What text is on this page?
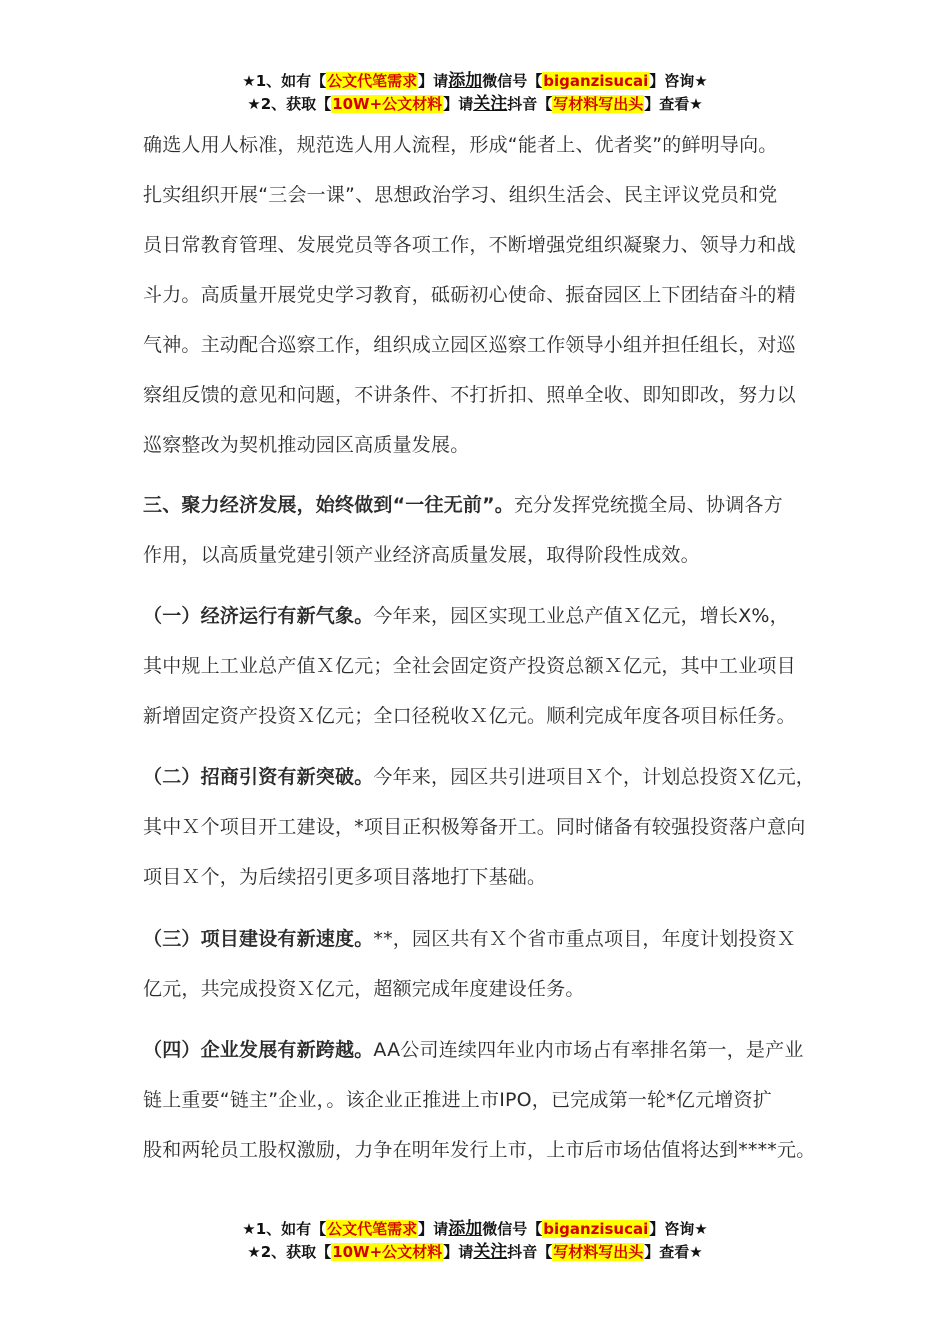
★1、如有【公文代笔需求】请添加微信号【biganzisucai】咨询★
★2、获取【10W+公文材料】请关注抖音【写材料写出头】查看★
确选人用人标准，规范选人用人流程，形成“能者上、优者奖”的鲜明导向。
扎实组织开展“三会一课”、思想政治学习、组织生活会、民主评议党员和党
员日常教育管理、发展党员等各项工作，不断增强党组织凝聚力、领导力和战
斗力。高质量开展党史学习教育，砥砺初心使命、振奋园区上下团结奋斗的精
气神。主动配合巡察工作，组织成立园区巡察工作领导小组并担任组长，对巡
察组反馈的意见和问题，不讲条件、不打折扣、照单全收、即知即改，努力以
巡察整改为契机推动园区高质量发展。
三、聚力经济发展，始终做到“一往无前”。充分发挥党统揽全局、协调各方
作用，以高质量党建引领产业经济高质量发展，取得阶段性成效。
（一）经济运行有新气象。今年来，园区实现工业总产值Ｘ亿元，增长X%，
其中规上工业总产值Ｘ亿元；全社会固定资产投资总额Ｘ亿元，其中工业项目
新增固定资产投资Ｘ亿元；全口径税收Ｘ亿元。顺利完成年度各项目标任务。
（二）招商引资有新突破。今年来，园区共引进项目Ｘ个，计划总投资Ｘ亿元，
其中Ｘ个项目开工建设，*项目正积极筹备开工。同时储备有较强投资落户意向
项目Ｘ个，为后续招引更多项目落地打下基础。
（三）项目建设有新速度。**，园区共有Ｘ个省市重点项目，年度计划投资Ｘ
亿元，共完成投资Ｘ亿元，超额完成年度建设任务。
（四）企业发展有新跨越。AA公司连续四年业内市场占有率排名第一，是产业
链上重要“链主”企业，。该企业正推进上市IPO，已完成第一轮*亿元增资扩
股和两轮员工股权激励，力争在明年发行上市，上市后市场估值将达到****元。
★1、如有【公文代笔需求】请添加微信号【biganzisucai】咨询★
★2、获取【10W+公文材料】请关注抖音【写材料写出头】查看★
